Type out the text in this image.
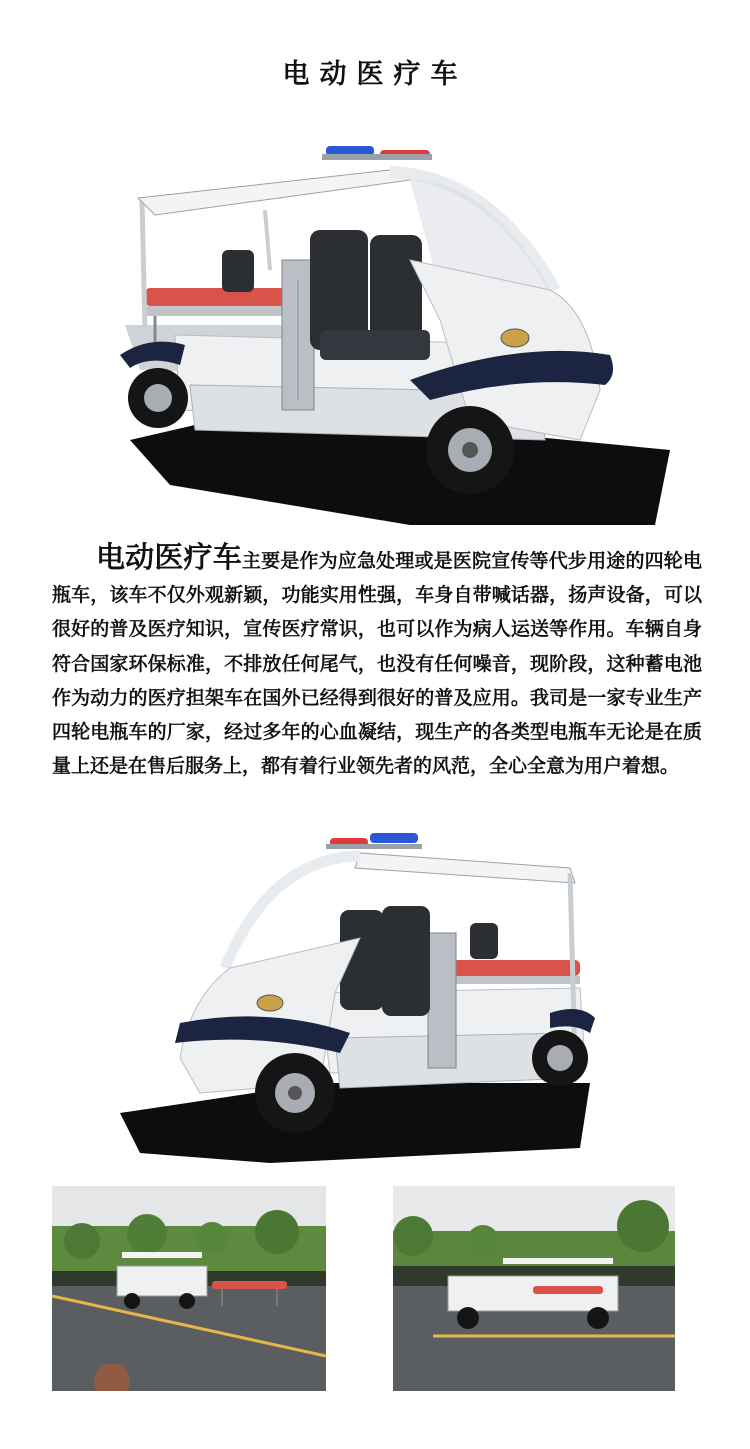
电动医疗车
电动医疗车主要是作为应急处理或是医院宣传等代步用途的四轮电瓶车，该车不仅外观新颖，功能实用性强，车身自带喊话器，扬声设备，可以很好的普及医疗知识，宣传医疗常识，也可以作为病人运送等作用。车辆自身符合国家环保标准，不排放任何尾气，也没有任何噪音，现阶段，这种蓄电池作为动力的医疗担架车在国外已经得到很好的普及应用。我司是一家专业生产四轮电瓶车的厂家，经过多年的心血凝结，现生产的各类型电瓶车无论是在质量上还是在售后服务上，都有着行业领先者的风范，全心全意为用户着想。
